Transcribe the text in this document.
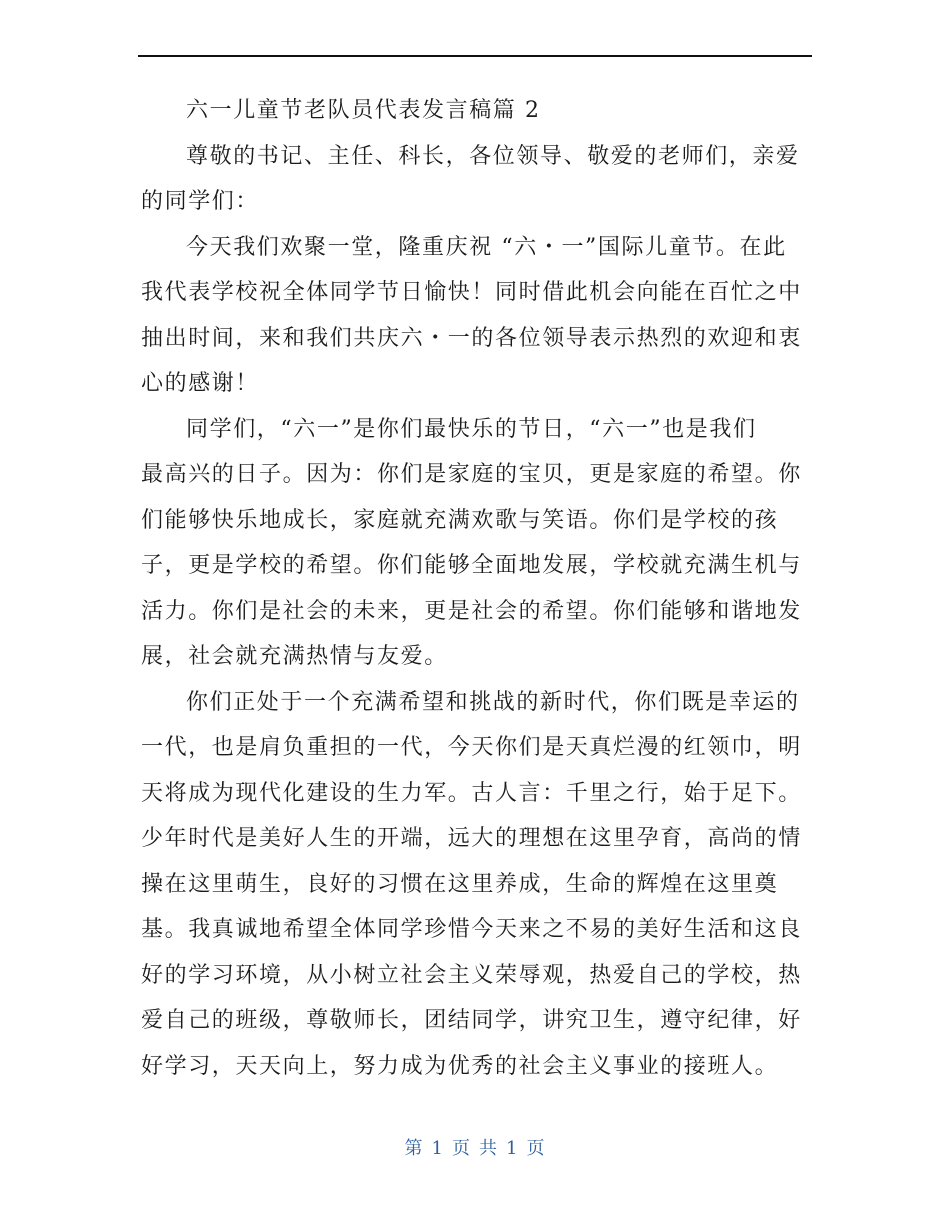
六一儿童节老队员代表发言稿篇 2
尊敬的书记、主任、科长，各位领导、敬爱的老师们，亲爱
的同学们：
今天我们欢聚一堂，隆重庆祝 “六・一”国际儿童节。在此
我代表学校祝全体同学节日愉快！同时借此机会向能在百忙之中
抽出时间，来和我们共庆六・一的各位领导表示热烈的欢迎和衷
心的感谢！
同学们，“六一”是你们最快乐的节日，“六一”也是我们
最高兴的日子。因为：你们是家庭的宝贝，更是家庭的希望。你
们能够快乐地成长，家庭就充满欢歌与笑语。你们是学校的孩
子，更是学校的希望。你们能够全面地发展，学校就充满生机与
活力。你们是社会的未来，更是社会的希望。你们能够和谐地发
展，社会就充满热情与友爱。
你们正处于一个充满希望和挑战的新时代，你们既是幸运的
一代，也是肩负重担的一代，今天你们是天真烂漫的红领巾，明
天将成为现代化建设的生力军。古人言：千里之行，始于足下。
少年时代是美好人生的开端，远大的理想在这里孕育，高尚的情
操在这里萌生，良好的习惯在这里养成，生命的辉煌在这里奠
基。我真诚地希望全体同学珍惜今天来之不易的美好生活和这良
好的学习环境，从小树立社会主义荣辱观，热爱自己的学校，热
爱自己的班级，尊敬师长，团结同学，讲究卫生，遵守纪律，好
好学习，天天向上，努力成为优秀的社会主义事业的接班人。
第 1 页 共 1 页
